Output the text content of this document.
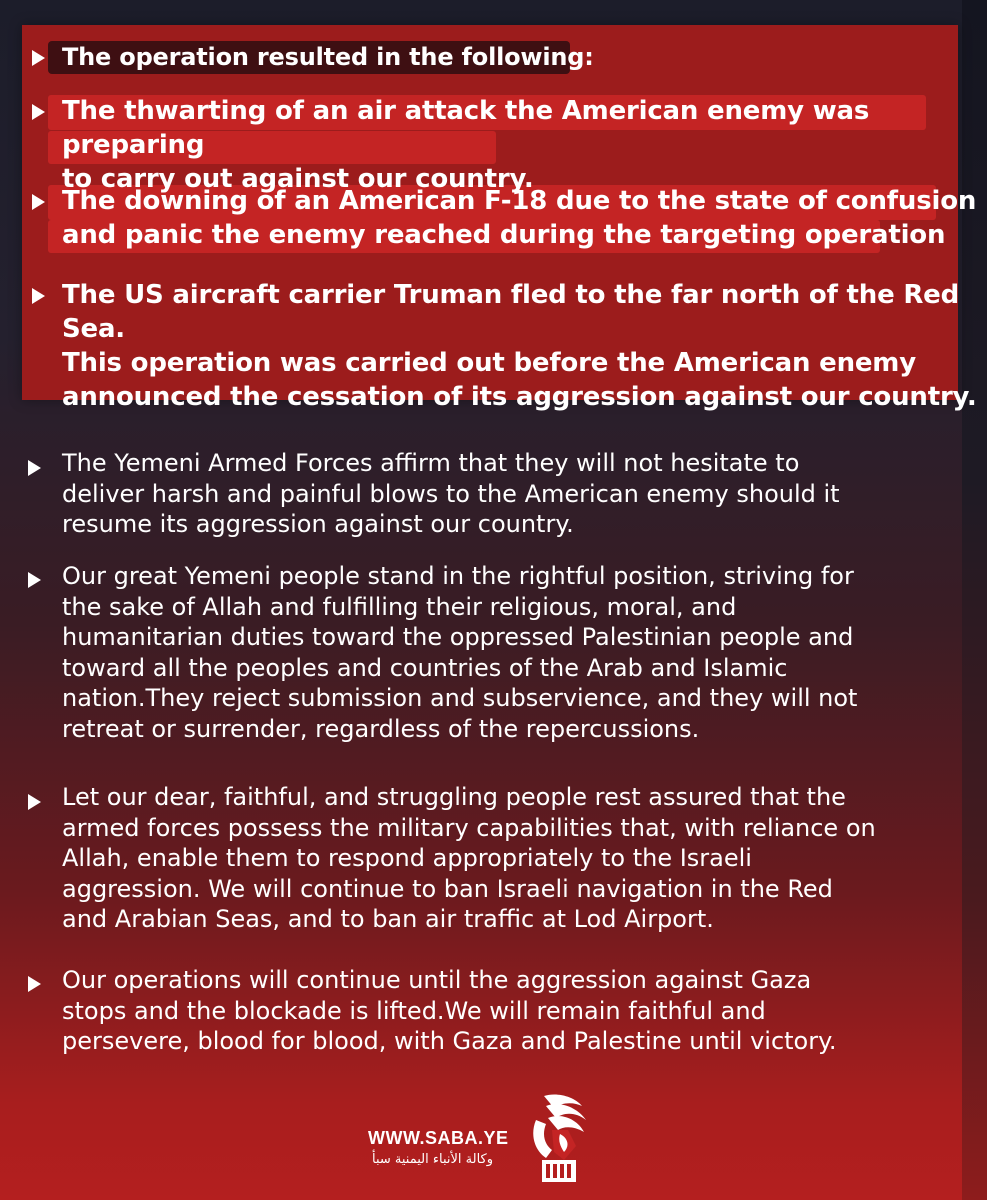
The operation resulted in the following:
The thwarting of an air attack the American enemy was preparing
to carry out against our country.
The downing of an American F-18 due to the state of confusion
and panic the enemy reached during the targeting operation
The US aircraft carrier Truman fled to the far north of the Red Sea.
This operation was carried out before the American enemy
announced the cessation of its aggression against our country.
The Yemeni Armed Forces affirm that they will not hesitate to
deliver harsh and painful blows to the American enemy should it
resume its aggression against our country.
Our great Yemeni people stand in the rightful position, striving for
the sake of Allah and fulfilling their religious, moral, and
humanitarian duties toward the oppressed Palestinian people and
toward all the peoples and countries of the Arab and Islamic
nation.They reject submission and subservience, and they will not
retreat or surrender, regardless of the repercussions.
Let our dear, faithful, and struggling people rest assured that the
armed forces possess the military capabilities that, with reliance on
Allah, enable them to respond appropriately to the Israeli
aggression. We will continue to ban Israeli navigation in the Red
and Arabian Seas, and to ban air traffic at Lod Airport.
Our operations will continue until the aggression against Gaza
stops and the blockade is lifted.We will remain faithful and
persevere, blood for blood, with Gaza and Palestine until victory.
WWW.SABA.YE
وكالة الأنباء اليمنية سبأ
